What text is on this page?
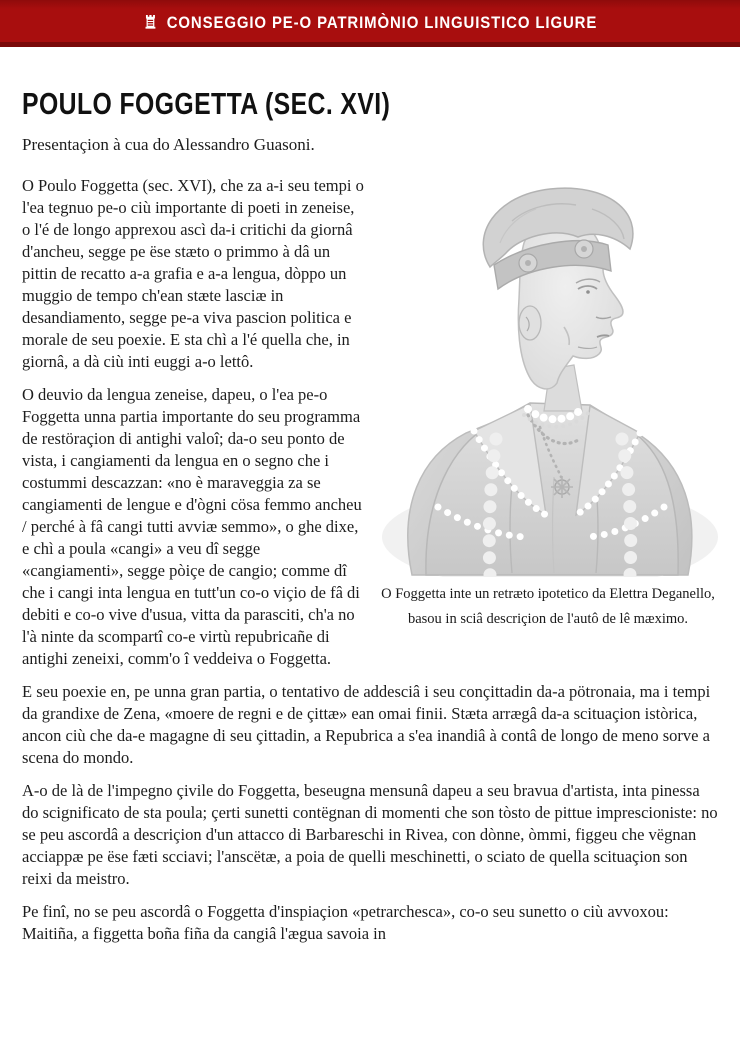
CONSEGGIO PE-O PATRIMÒNIO LINGUISTICO LIGURE
POULO FOGGETTA (SEC. XVI)

Presentaçion à cua do Alessandro Guasoni.

O Foggetta inte un retræto ipotetico da Elettra Deganello, basou in sciâ descriçion de l'autô de lê mæximo.

O Poulo Foggetta (sec. XVI), che za a-i seu tempi o l'ea tegnuo pe-o ciù importante di poeti in zeneise, o l'é de longo apprexou ascì da-i critichi da giornâ d'ancheu, segge pe ëse stæto o primmo à dâ un pittin de recatto a-a grafia e a-a lengua, dòppo un muggio de tempo ch'ean stæte lasciæ in desandiamento, segge pe-a viva pascion politica e morale de seu poexie. E sta chì a l'é quella che, in giornâ, a dà ciù inti euggi a-o lettô.

O deuvio da lengua zeneise, dapeu, o l'ea pe-o Foggetta unna partia importante do seu programma de restöraçion di antighi valoî; da-o seu ponto de vista, i cangiamenti da lengua en o segno che i costummi descazzan: «no è maraveggia za se cangiamenti de lengue e d'ògni cösa femmo ancheu / perché à fâ cangi tutti avviæ semmo», o ghe dixe, e chì a poula «cangi» a veu dî segge «cangiamenti», segge pòiçe de cangio; comme dî che i cangi inta lengua en tutt'un co-o viçio de fâ di debiti e co-o vive d'usua, vitta da parasciti, ch'a no l'à ninte da scompartî co-e virtù repubricañe di antighi zeneixi, comm'o î veddeiva o Foggetta.

E seu poexie en, pe unna gran partia, o tentativo de addesciâ i seu conçittadin da-a pötronaia, ma i tempi da grandixe de Zena, «moere de regni e de çittæ» ean omai finii. Stæta arrægâ da-a scituaçion istòrica, ancon ciù che da-e magagne di seu çittadin, a Repubrica a s'ea inandiâ à contâ de longo de meno sorve a scena do mondo.

A-o de là de l'impegno çivile do Foggetta, beseugna mensunâ dapeu a seu bravua d'artista, inta pinessa do scignificato de sta poula; çerti sunetti contëgnan di momenti che son tòsto de pittue imprescioniste: no se peu ascordâ a descriçion d'un attacco di Barbareschi in Rivea, con dònne, òmmi, figgeu che vëgnan acciappæ pe ëse fæti scciavi; l'anscëtæ, a poia de quelli meschinetti, o sciato de quella scituaçion son reixi da meistro.

Pe finî, no se peu ascordâ o Foggetta d'inspiaçion «petrarchesca», co-o seu sunetto o ciù avvoxou: Maitiña, a figgetta boña fiña da cangiâ l'ægua savoia in
